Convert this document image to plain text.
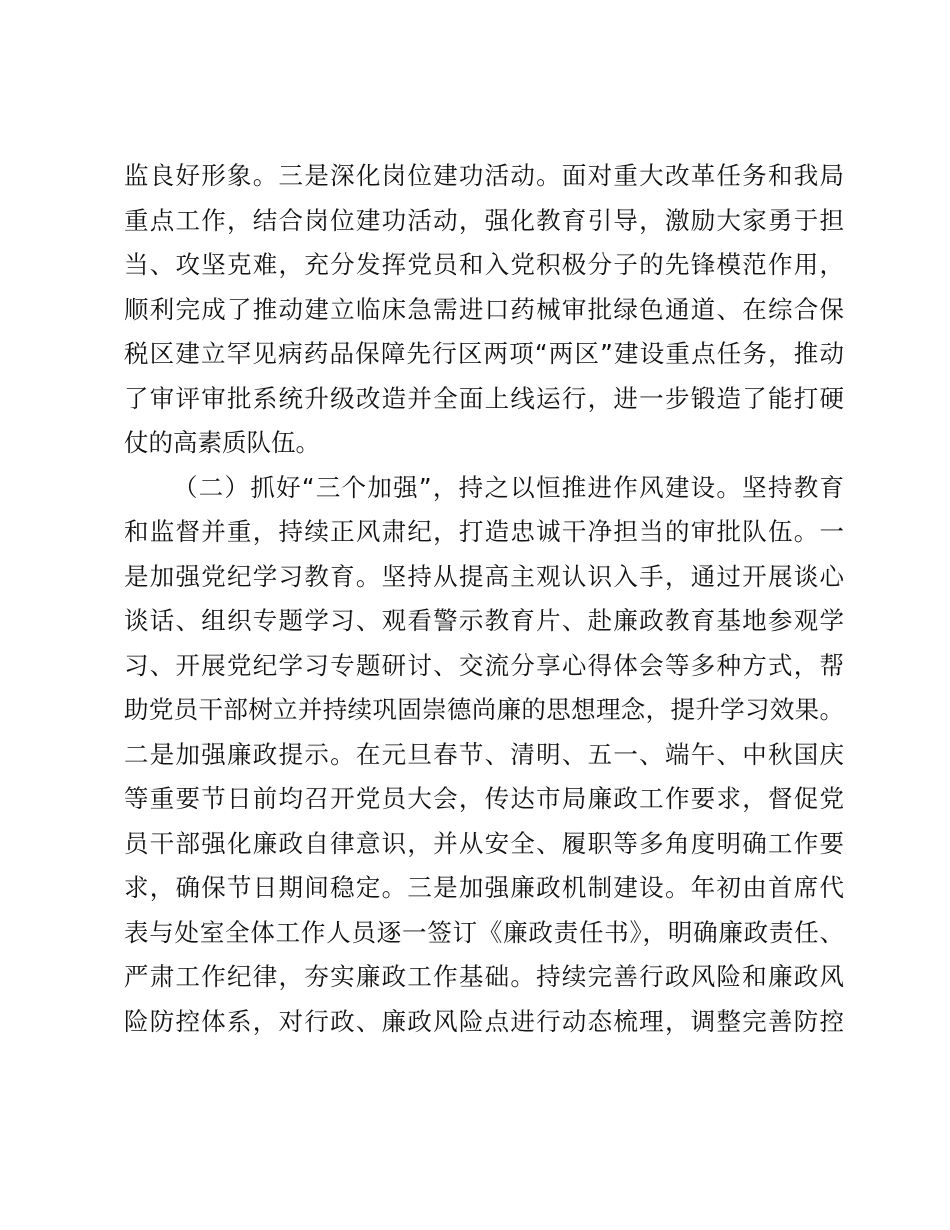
监良好形象。三是深化岗位建功活动。面对重大改革任务和我局
重点工作，结合岗位建功活动，强化教育引导，激励大家勇于担
当、攻坚克难，充分发挥党员和入党积极分子的先锋模范作用，
顺利完成了推动建立临床急需进口药械审批绿色通道、在综合保
税区建立罕见病药品保障先行区两项“两区”建设重点任务，推动
了审评审批系统升级改造并全面上线运行，进一步锻造了能打硬
仗的高素质队伍。
（二）抓好“三个加强”，持之以恒推进作风建设。坚持教育
和监督并重，持续正风肃纪，打造忠诚干净担当的审批队伍。一
是加强党纪学习教育。坚持从提高主观认识入手，通过开展谈心
谈话、组织专题学习、观看警示教育片、赴廉政教育基地参观学
习、开展党纪学习专题研讨、交流分享心得体会等多种方式，帮
助党员干部树立并持续巩固崇德尚廉的思想理念，提升学习效果。
二是加强廉政提示。在元旦春节、清明、五一、端午、中秋国庆
等重要节日前均召开党员大会，传达市局廉政工作要求，督促党
员干部强化廉政自律意识，并从安全、履职等多角度明确工作要
求，确保节日期间稳定。三是加强廉政机制建设。年初由首席代
表与处室全体工作人员逐一签订《廉政责任书》，明确廉政责任、
严肃工作纪律，夯实廉政工作基础。持续完善行政风险和廉政风
险防控体系，对行政、廉政风险点进行动态梳理，调整完善防控
